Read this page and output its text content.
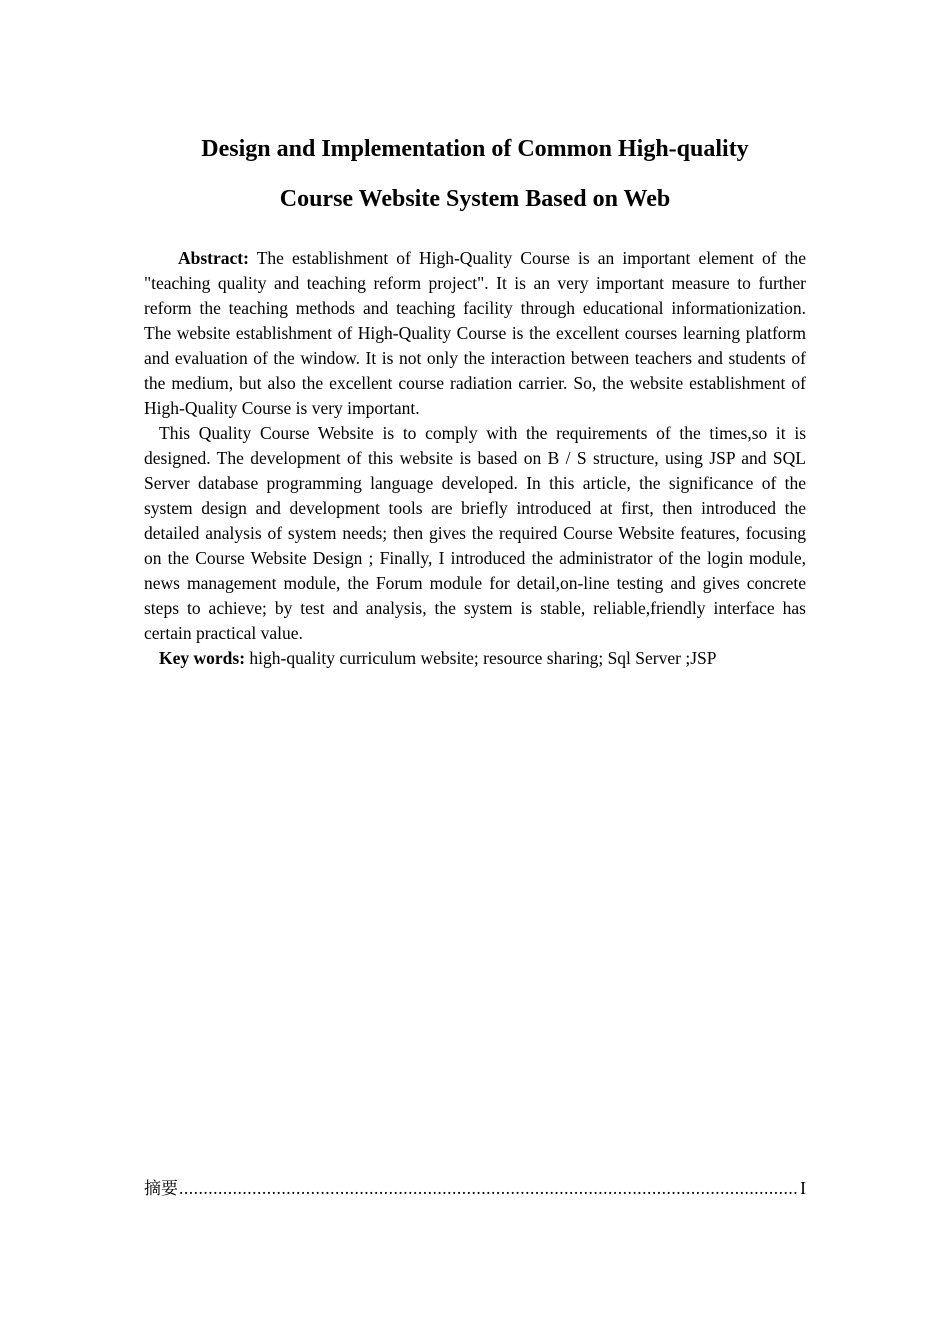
Design and Implementation of Common High-quality
Course Website System Based on Web

Abstract: The establishment of High-Quality Course is an important element of the "teaching quality and teaching reform project". It is an very important measure to further reform the teaching methods and teaching facility through educational informationization. The website establishment of High-Quality Course is the excellent courses learning platform and evaluation of the window. It is not only the interaction between teachers and students of the medium, but also the excellent course radiation carrier. So, the website establishment of High-Quality Course is very important.

This Quality Course Website is to comply with the requirements of the times,so it is designed. The development of this website is based on B / S structure, using JSP and SQL Server database programming language developed. In this article, the significance of the system design and development tools are briefly introduced at first, then introduced the detailed analysis of system needs; then gives the required Course Website features, focusing on the Course Website Design ; Finally, I introduced the administrator of the login module, news management module, the Forum module for detail,on-line testing and gives concrete steps to achieve; by test and analysis, the system is stable, reliable,friendly interface has certain practical value.

Key words: high-quality curriculum website; resource sharing; Sql Server ;JSP

摘要
.....	I
